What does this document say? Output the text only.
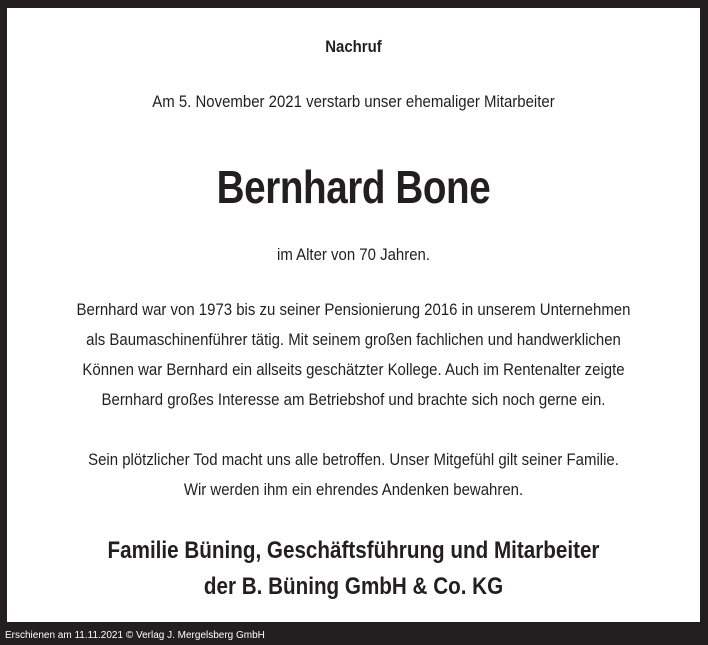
Nachruf
Am 5. November 2021 verstarb unser ehemaliger Mitarbeiter
Bernhard Bone
im Alter von 70 Jahren.
Bernhard war von 1973 bis zu seiner Pensionierung 2016 in unserem Unternehmen
als Baumaschinenführer tätig. Mit seinem großen fachlichen und handwerklichen
Können war Bernhard ein allseits geschätzter Kollege. Auch im Rentenalter zeigte
Bernhard großes Interesse am Betriebshof und brachte sich noch gerne ein.
Sein plötzlicher Tod macht uns alle betroffen. Unser Mitgefühl gilt seiner Familie.
Wir werden ihm ein ehrendes Andenken bewahren.
Familie Büning, Geschäftsführung und Mitarbeiter
der B. Büning GmbH & Co. KG
Erschienen am 11.11.2021 © Verlag J. Mergelsberg GmbH
